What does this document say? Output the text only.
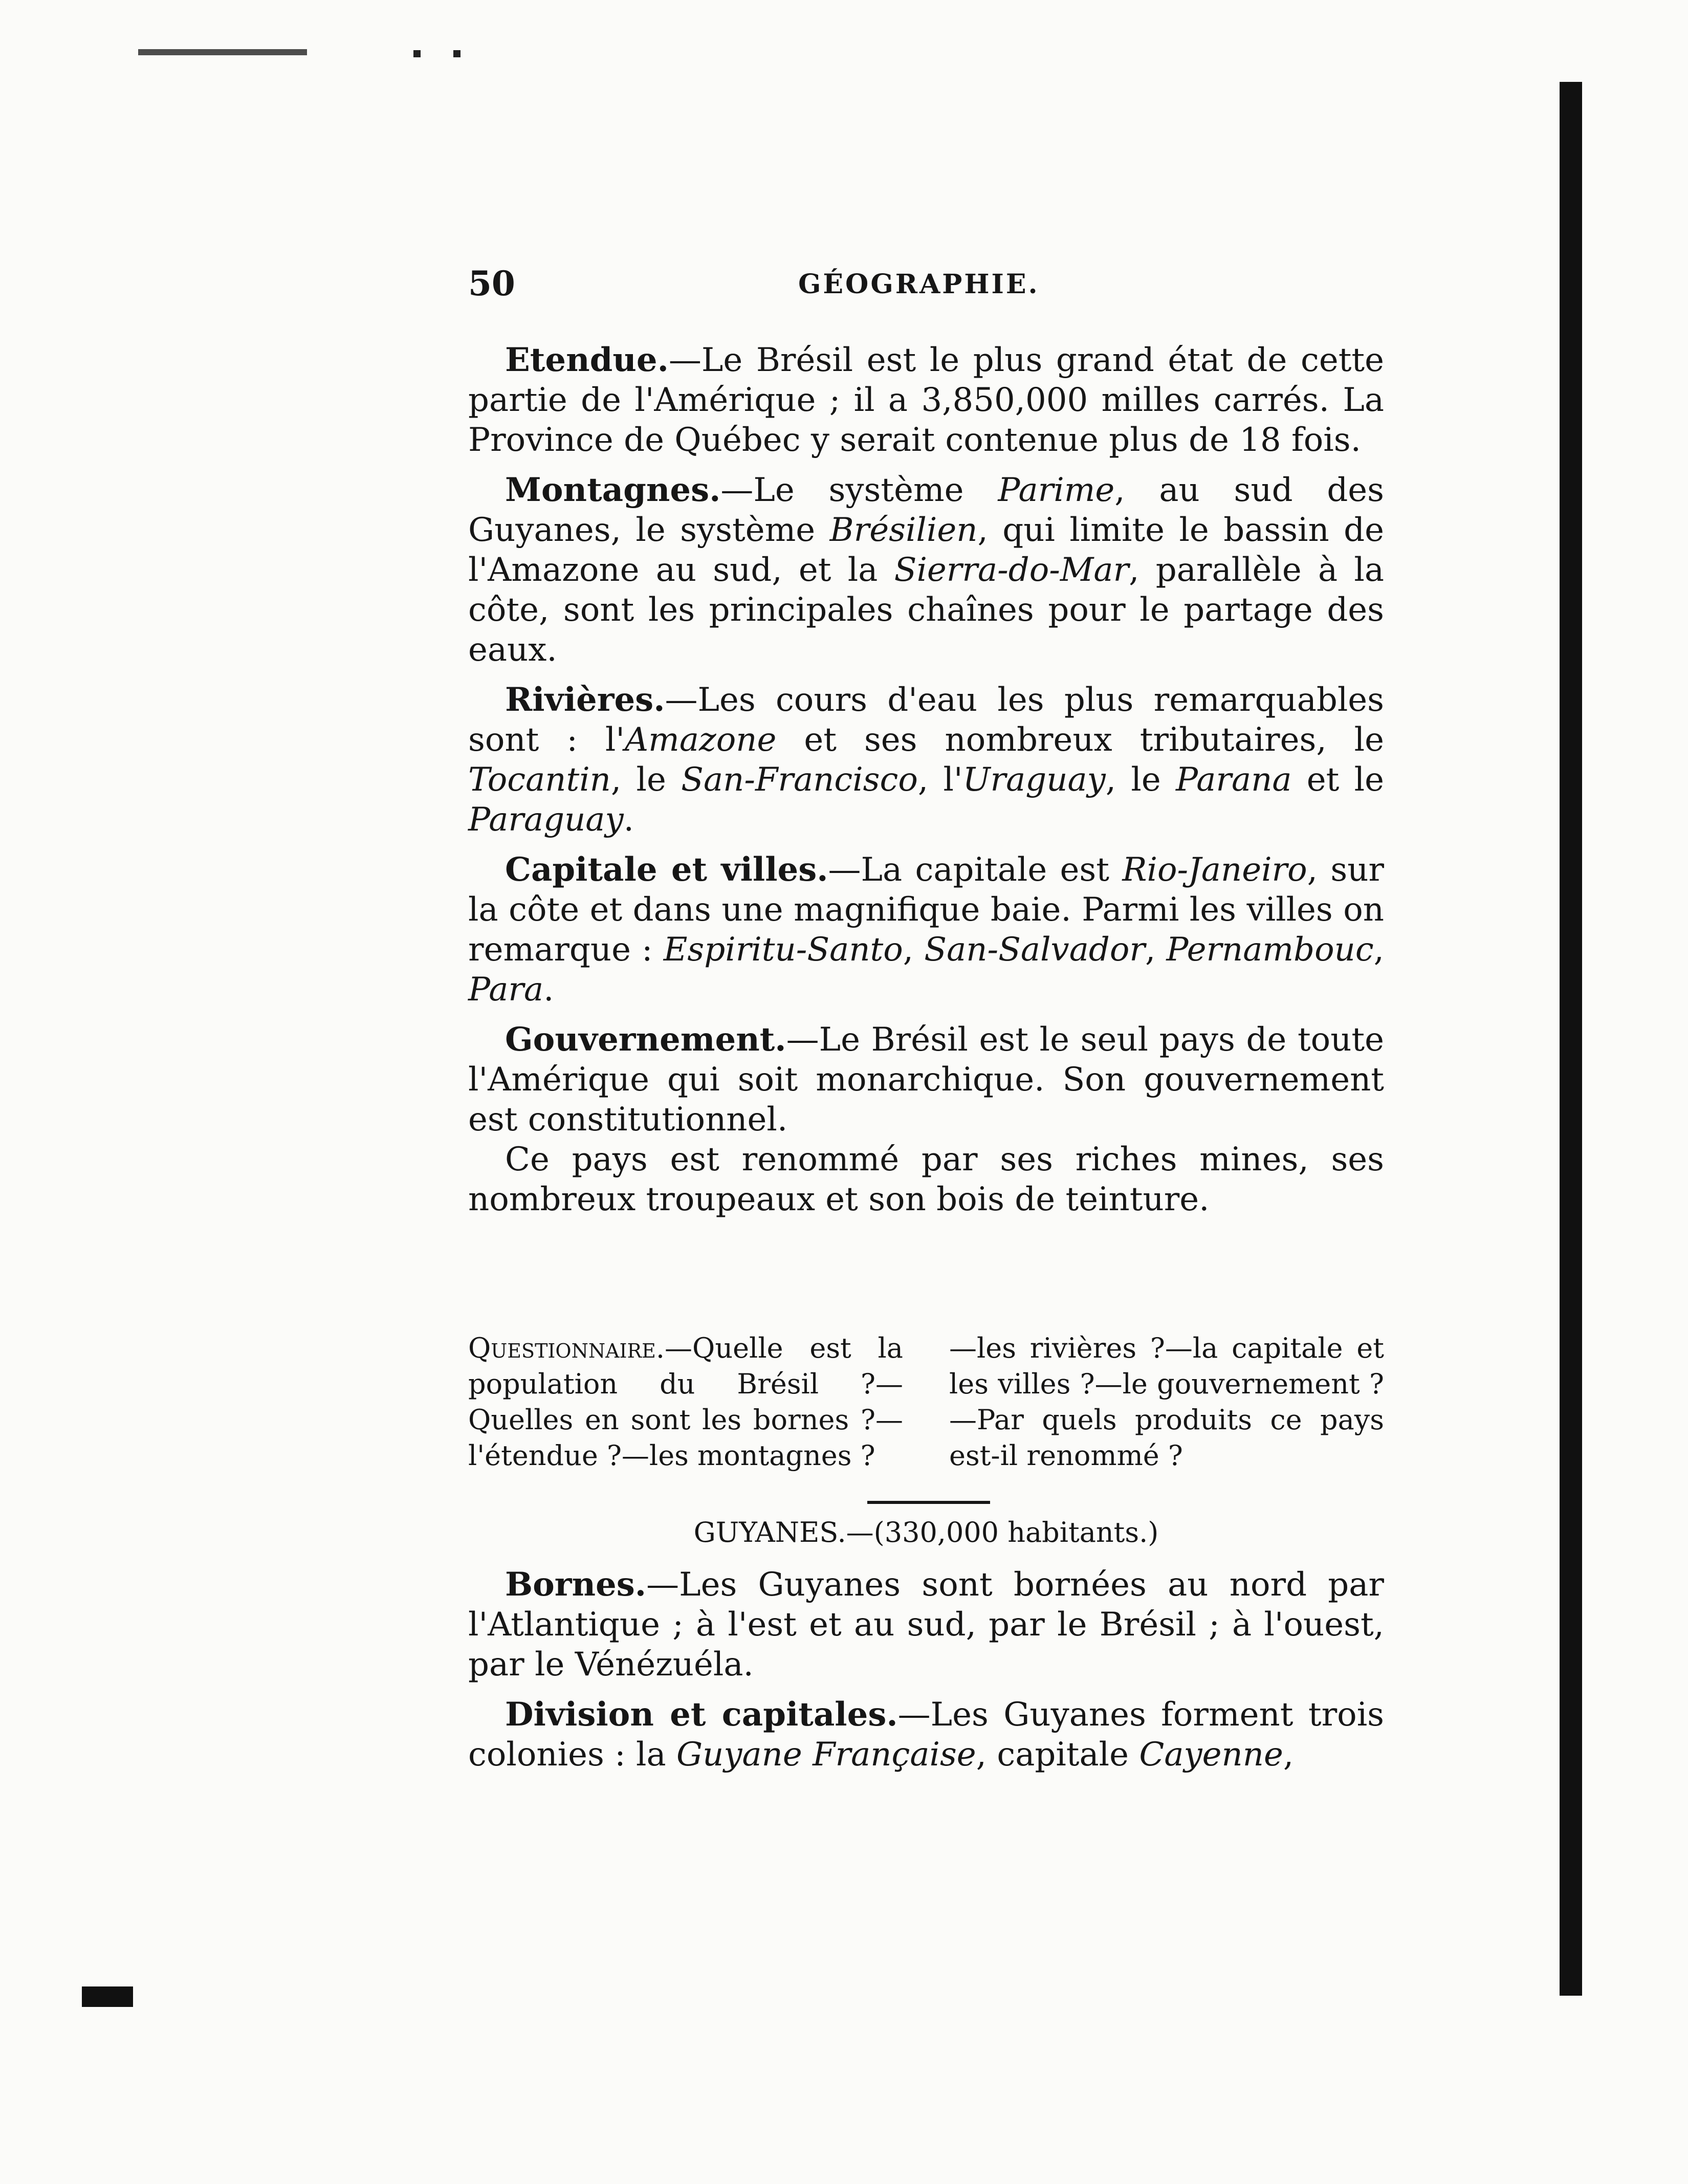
50	GÉOGRAPHIE.

Etendue.—Le Brésil est le plus grand état de cette partie de l'Amérique ; il a 3,850,000 milles carrés. La Province de Québec y serait contenue plus de 18 fois.

Montagnes.—Le système Parime, au sud des Guyanes, le système Brésilien, qui limite le bassin de l'Amazone au sud, et la Sierra-do-Mar, parallèle à la côte, sont les principales chaînes pour le partage des eaux.

Rivières.—Les cours d'eau les plus remarquables sont : l'Amazone et ses nombreux tributaires, le Tocantin, le San-Francisco, l'Uraguay, le Parana et le Paraguay.

Capitale et villes.—La capitale est Rio-Janeiro, sur la côte et dans une magnifique baie. Parmi les villes on remarque : Espiritu-Santo, San-Salvador, Pernambouc, Para.

Gouvernement.—Le Brésil est le seul pays de toute l'Amérique qui soit monarchique. Son gouvernement est constitutionnel.

Ce pays est renommé par ses riches mines, ses nombreux troupeaux et son bois de teinture.

Questionnaire.—Quelle est la population du Brésil ?—Quelles en sont les bornes ?—l'étendue ?—les montagnes ?
—les rivières ?—la capitale et les villes ?—le gouvernement ?—Par quels produits ce pays est-il renommé ?
GUYANES.—(330,000 habitants.)

Bornes.—Les Guyanes sont bornées au nord par l'Atlantique ; à l'est et au sud, par le Brésil ; à l'ouest, par le Vénézuéla.

Division et capitales.—Les Guyanes forment trois colonies : la Guyane Française, capitale Cayenne,
